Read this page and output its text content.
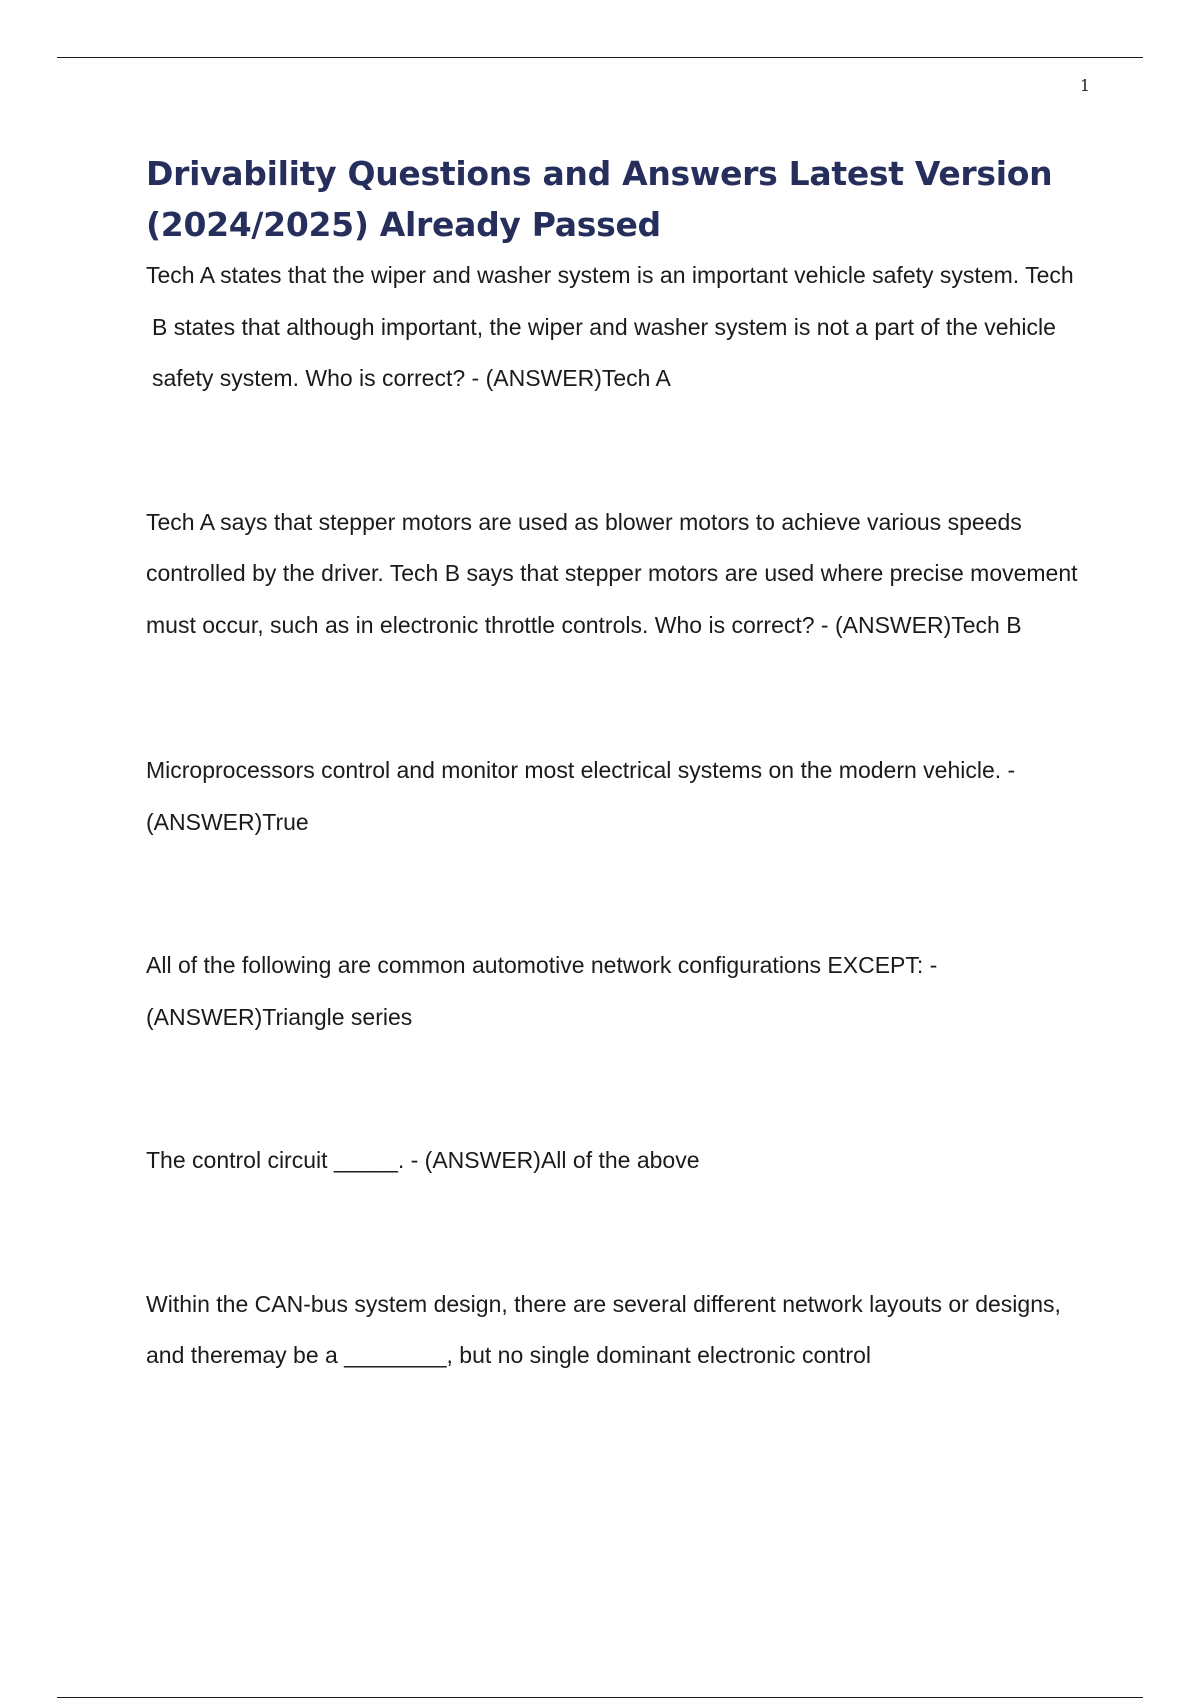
1
Drivability Questions and Answers Latest Version (2024/2025) Already Passed

Tech A states that the wiper and washer system is an important vehicle safety system. Tech B states that although important, the wiper and washer system is not a part of the vehicle safety system. Who is correct? - (ANSWER)Tech A

Tech A says that stepper motors are used as blower motors to achieve various speeds controlled by the driver. Tech B says that stepper motors are used where precise movement must occur, such as in electronic throttle controls. Who is correct? - (ANSWER)Tech B

Microprocessors control and monitor most electrical systems on the modern vehicle. - (ANSWER)True

All of the following are common automotive network configurations EXCEPT: - (ANSWER)Triangle series

The control circuit _____. - (ANSWER)All of the above

Within the CAN-bus system design, there are several different network layouts or designs, and theremay be a ________, but no single dominant electronic control
